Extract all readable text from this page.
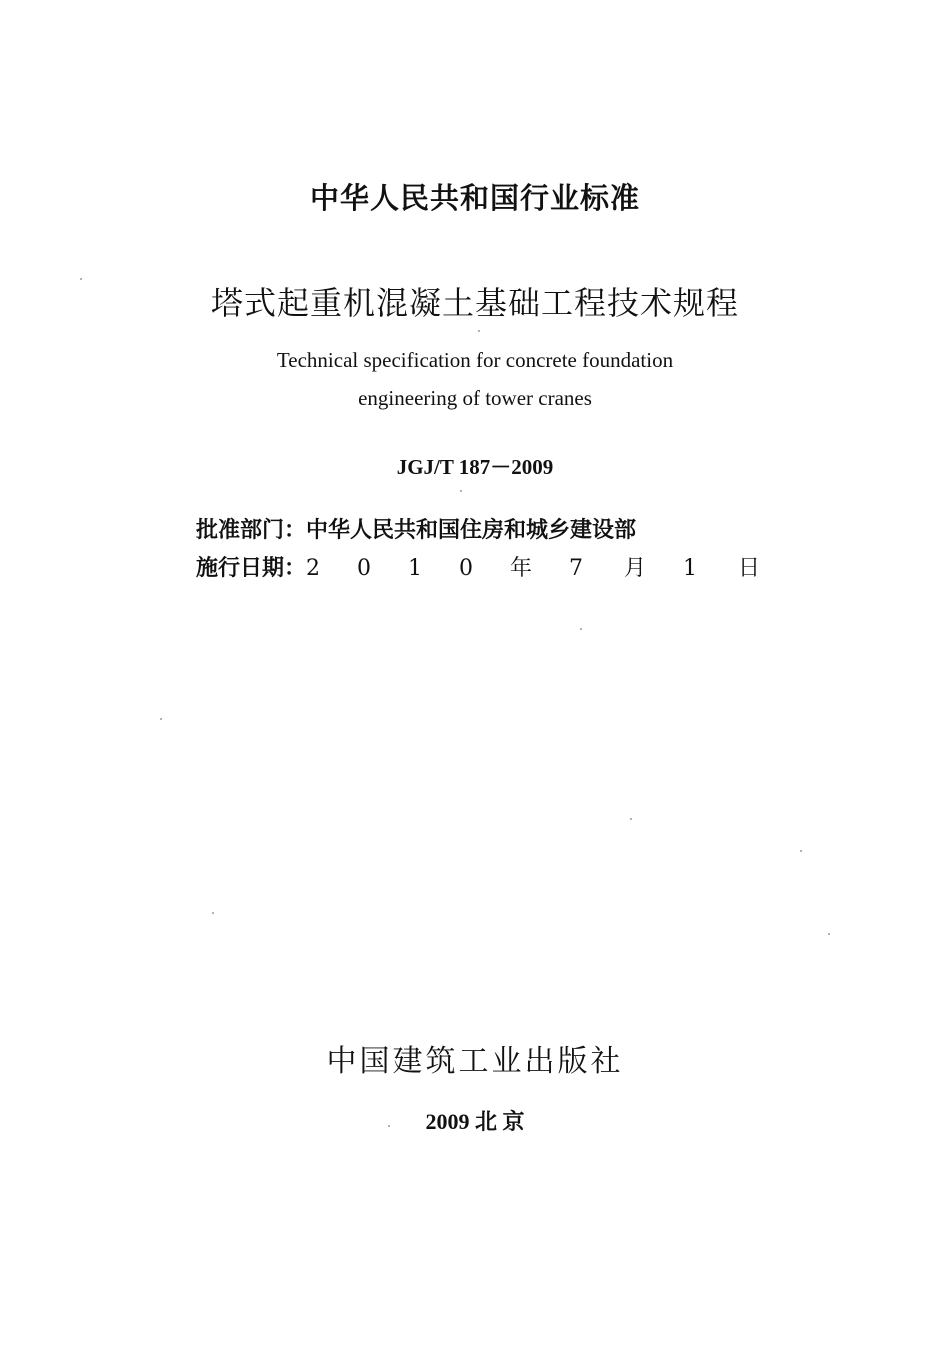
中华人民共和国行业标准
塔式起重机混凝土基础工程技术规程
Technical specification for concrete foundation
engineering of tower cranes
JGJ/T 187－2009
批准部门： 中华人民共和国住房和城乡建设部
施行日期： 2 0 1 0 年 7 月 1 日
中国建筑工业出版社
2009 北 京
